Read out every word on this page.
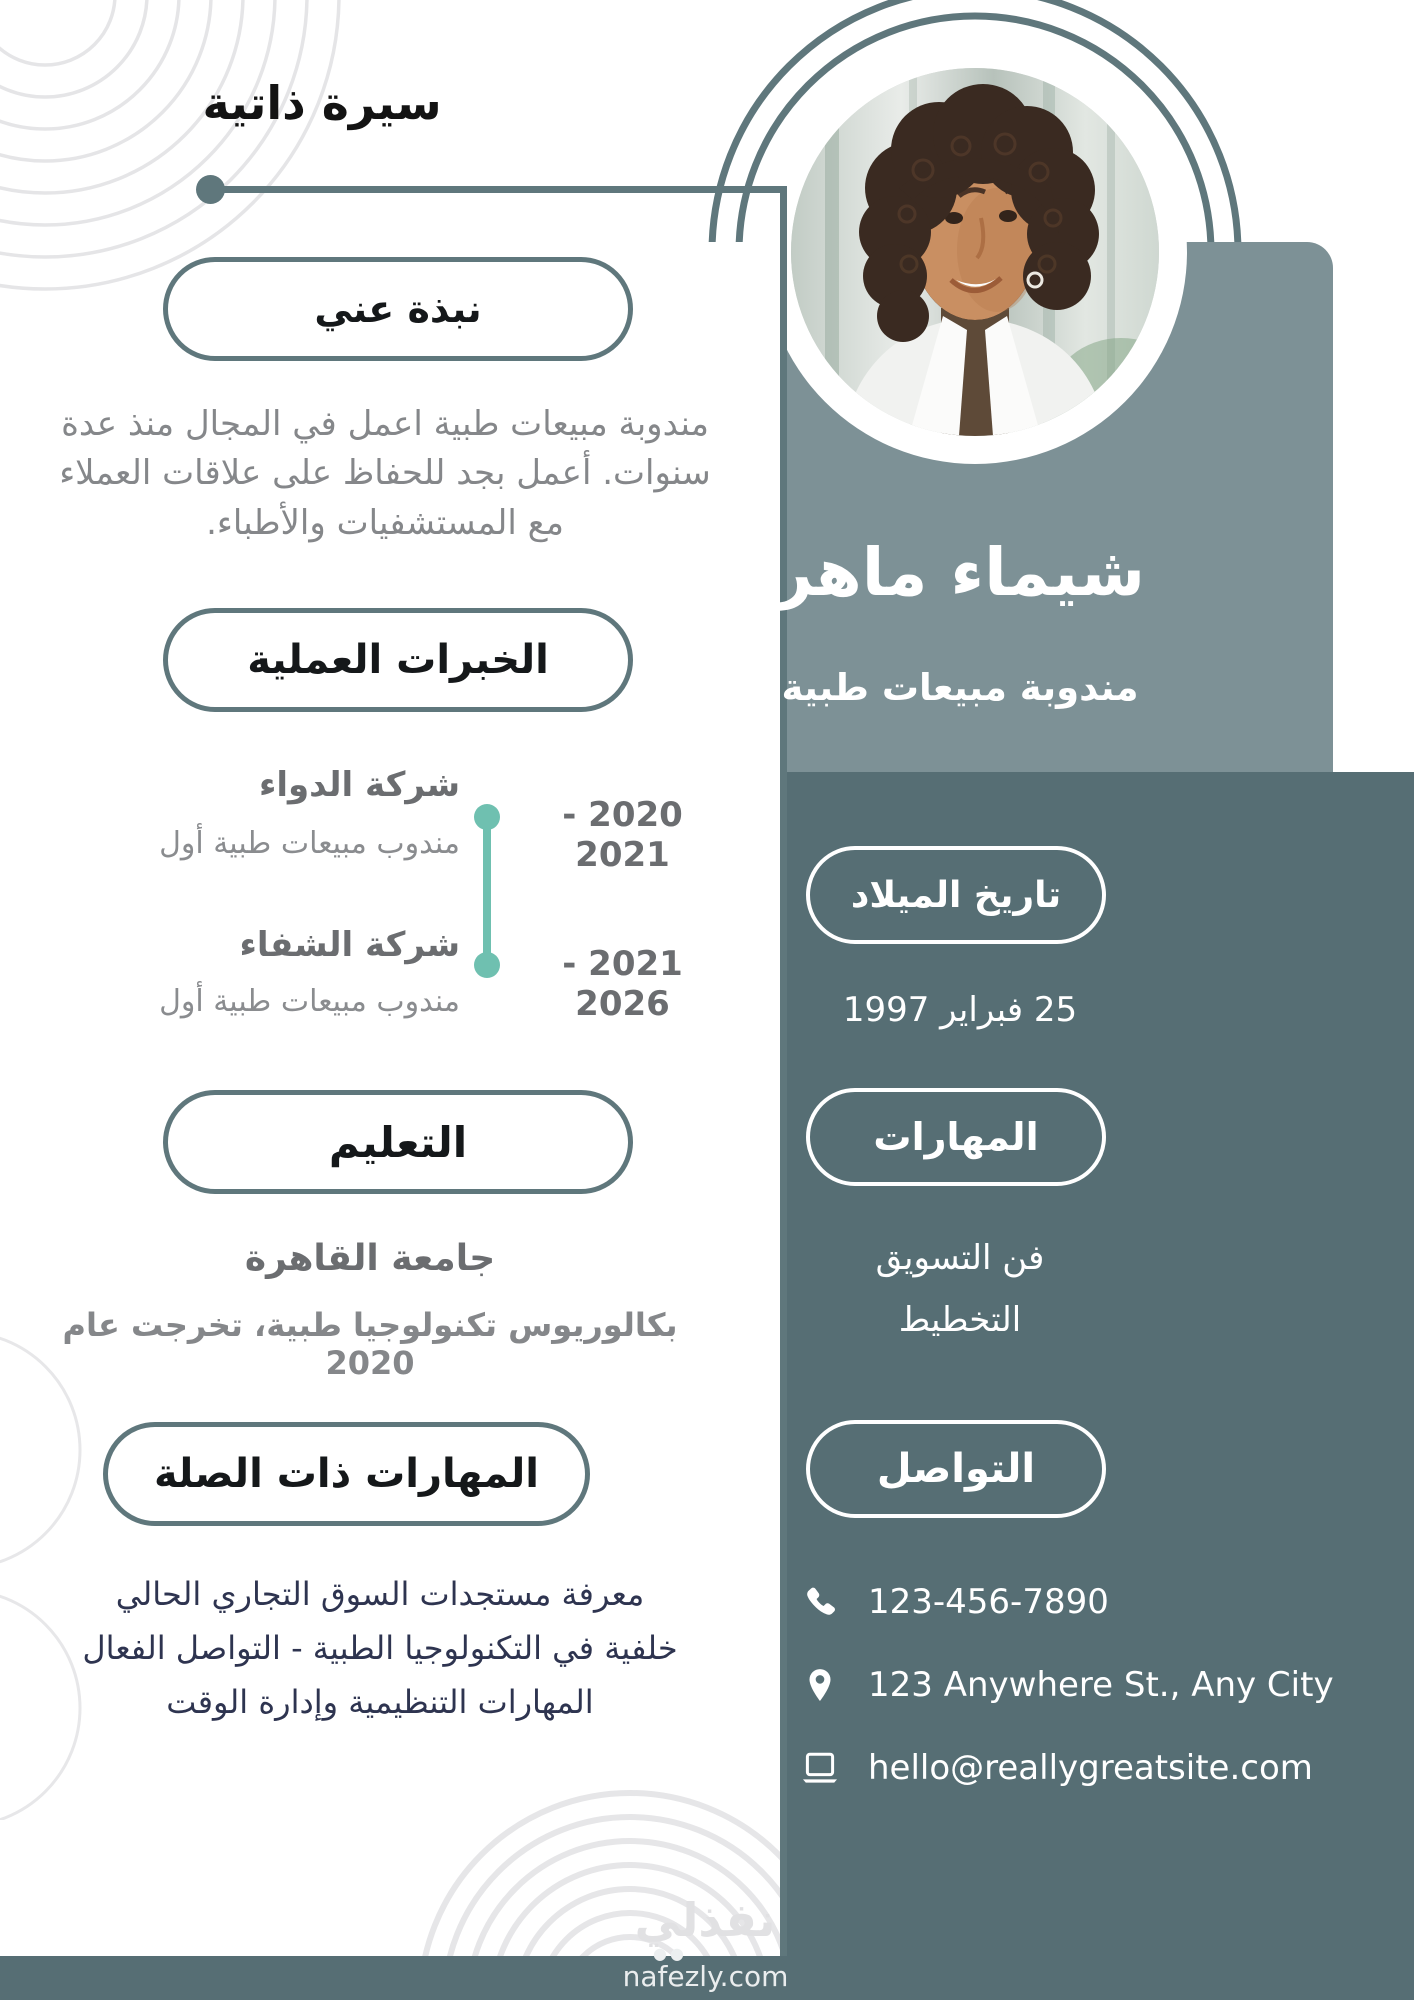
سيرة ذاتية
نبذة عني
مندوبة مبيعات طبية اعمل في المجال منذ عدة سنوات. أعمل بجد للحفاظ على علاقات العملاء مع المستشفيات والأطباء.
الخبرات العملية
شركة الدواء
مندوب مبيعات طبية أول
2020 - 2021
شركة الشفاء
مندوب مبيعات طبية أول
2021 - 2026
التعليم
جامعة القاهرة
بكالوريوس تكنولوجيا طبية، تخرجت عام 2020
المهارات ذات الصلة
معرفة مستجدات السوق التجاري الحالي
خلفية في التكنولوجيا الطبية - التواصل الفعال
المهارات التنظيمية وإدارة الوقت
شيماء ماهر
مندوبة مبيعات طبية
تاريخ الميلاد
25 فبراير 1997
المهارات
فن التسويق
التخطيط
التواصل
123-456-7890
123 Anywhere St., Any City
hello@reallygreatsite.com
نفذلي
●●
nafezly.com
